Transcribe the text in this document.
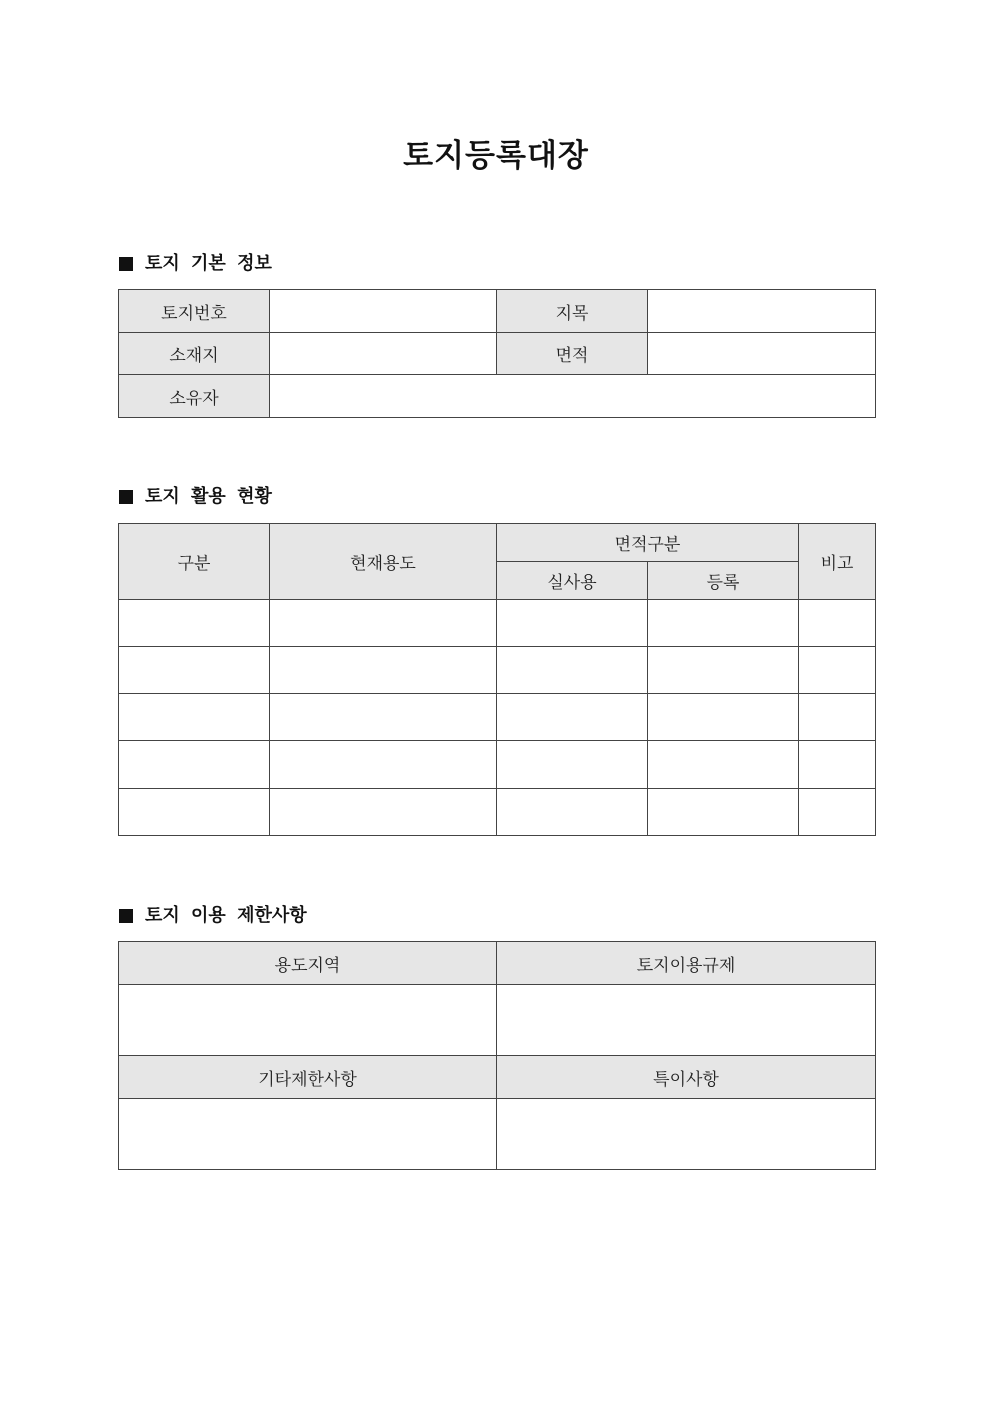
토지등록대장
토지 기본 정보
토지번호		지목	
소재지		면적	
소유자			
토지 활용 현황
구분	현재용도	면적구분		비고
		실사용	등록	

토지 이용 제한사항
용도지역	토지이용규제

기타제한사항	특이사항
